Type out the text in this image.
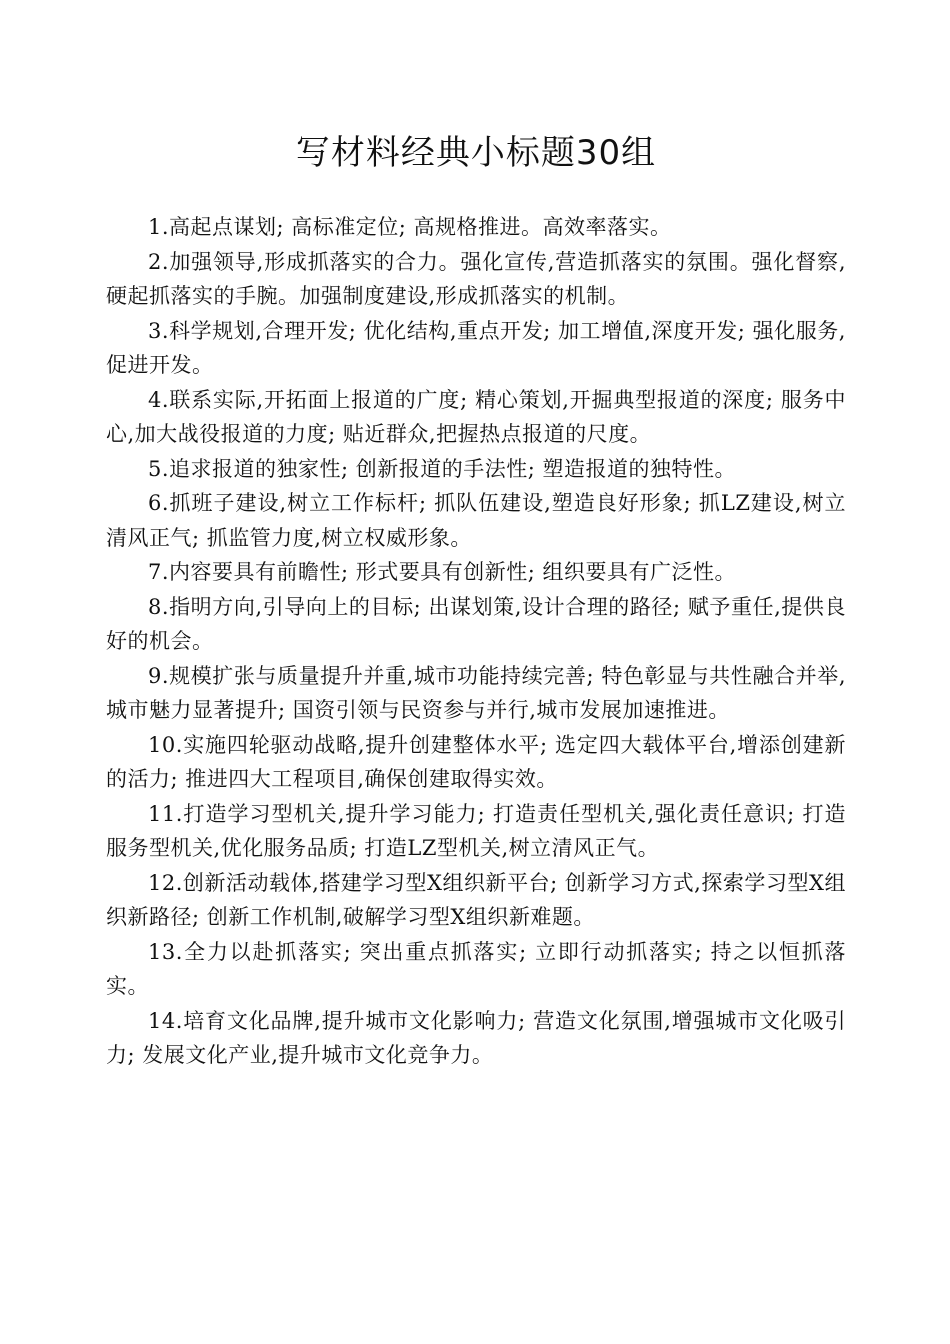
写材料经典小标题30组

1.高起点谋划; 高标准定位; 高规格推进。高效率落实。

2.加强领导,形成抓落实的合力。强化宣传,营造抓落实的氛围。强化督察,硬起抓落实的手腕。加强制度建设,形成抓落实的机制。

3.科学规划,合理开发; 优化结构,重点开发; 加工增值,深度开发; 强化服务,促进开发。

4.联系实际,开拓面上报道的广度; 精心策划,开掘典型报道的深度; 服务中心,加大战役报道的力度; 贴近群众,把握热点报道的尺度。

5.追求报道的独家性; 创新报道的手法性; 塑造报道的独特性。

6.抓班子建设,树立工作标杆; 抓队伍建设,塑造良好形象; 抓LZ建设,树立清风正气; 抓监管力度,树立权威形象。

7.内容要具有前瞻性; 形式要具有创新性; 组织要具有广泛性。

8.指明方向,引导向上的目标; 出谋划策,设计合理的路径; 赋予重任,提供良好的机会。

9.规模扩张与质量提升并重,城市功能持续完善; 特色彰显与共性融合并举,城市魅力显著提升; 国资引领与民资参与并行,城市发展加速推进。

10.实施四轮驱动战略,提升创建整体水平; 选定四大载体平台,增添创建新的活力; 推进四大工程项目,确保创建取得实效。

11.打造学习型机关,提升学习能力; 打造责任型机关,强化责任意识; 打造服务型机关,优化服务品质; 打造LZ型机关,树立清风正气。

12.创新活动载体,搭建学习型X组织新平台; 创新学习方式,探索学习型X组织新路径; 创新工作机制,破解学习型X组织新难题。

13.全力以赴抓落实; 突出重点抓落实; 立即行动抓落实; 持之以恒抓落实。

14.培育文化品牌,提升城市文化影响力; 营造文化氛围,增强城市文化吸引力; 发展文化产业,提升城市文化竞争力。
